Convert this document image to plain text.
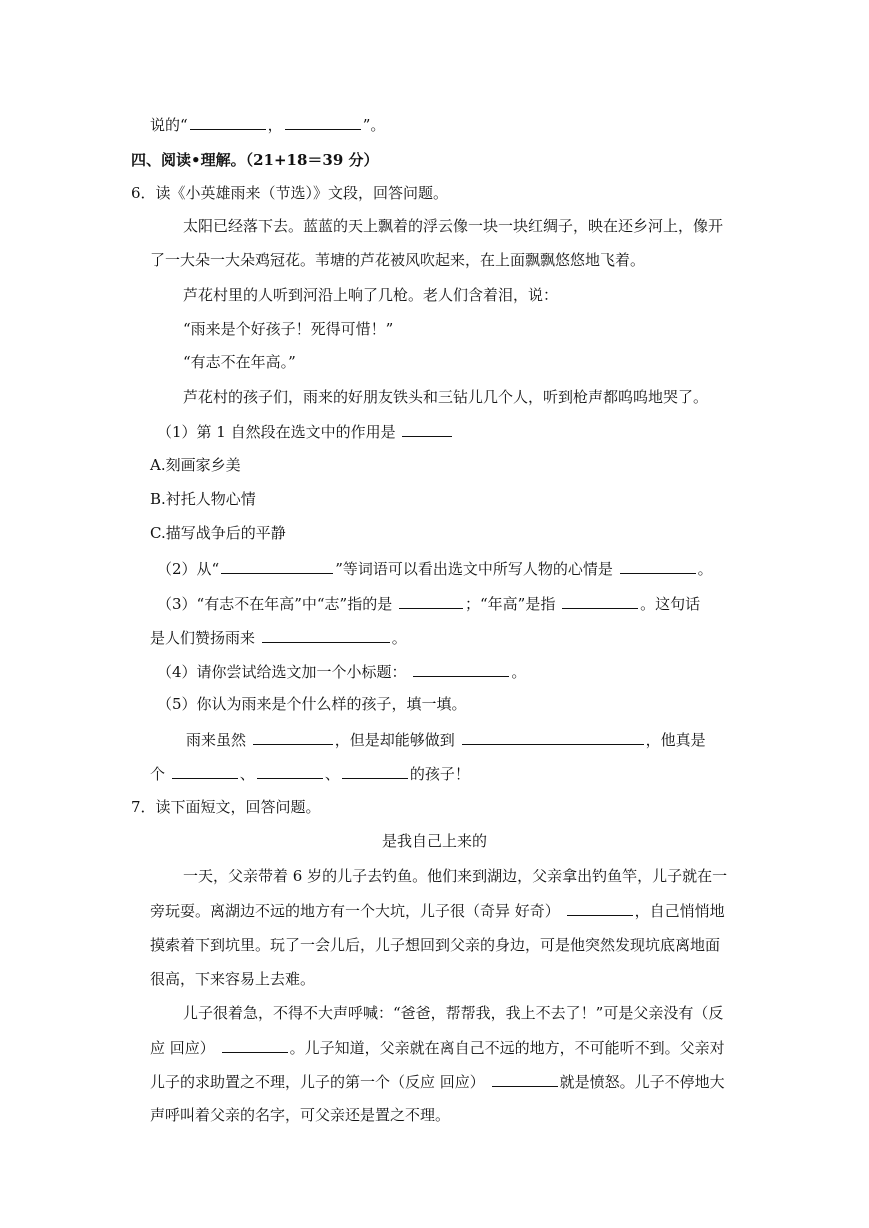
说的“	，	”。
四、阅读•理解。（21+18＝39 分）
6．读《小英雄雨来（节选）》文段，回答问题。
太阳已经落下去。蓝蓝的天上飘着的浮云像一块一块红绸子，映在还乡河上，像开
了一大朵一大朵鸡冠花。苇塘的芦花被风吹起来，在上面飘飘悠悠地飞着。
芦花村里的人听到河沿上响了几枪。老人们含着泪，说：
“雨来是个好孩子！死得可惜！”
“有志不在年高。”
芦花村的孩子们，雨来的好朋友铁头和三钻儿几个人，听到枪声都呜呜地哭了。
（1）第 1 自然段在选文中的作用是
A.刻画家乡美
B.衬托人物心情
C.描写战争后的平静
（2）从“	”等词语可以看出选文中所写人物的心情是	。
（3）“有志不在年高”中“志”指的是	；“年高”是指	。这句话
是人们赞扬雨来	。
（4）请你尝试给选文加一个小标题：	。
（5）你认为雨来是个什么样的孩子，填一填。
雨来虽然	，但是却能够做到	，他真是
个	、	、	的孩子！
7．读下面短文，回答问题。
是我自己上来的
一天，父亲带着 6 岁的儿子去钓鱼。他们来到湖边，父亲拿出钓鱼竿，儿子就在一
旁玩耍。离湖边不远的地方有一个大坑，儿子很（奇异 好奇）	，自己悄悄地
摸索着下到坑里。玩了一会儿后，儿子想回到父亲的身边，可是他突然发现坑底离地面
很高，下来容易上去难。
儿子很着急，不得不大声呼喊：“爸爸，帮帮我，我上不去了！”可是父亲没有（反
应 回应）	。儿子知道，父亲就在离自己不远的地方，不可能听不到。父亲对
儿子的求助置之不理，儿子的第一个（反应 回应）	就是愤怒。儿子不停地大
声呼叫着父亲的名字，可父亲还是置之不理。
